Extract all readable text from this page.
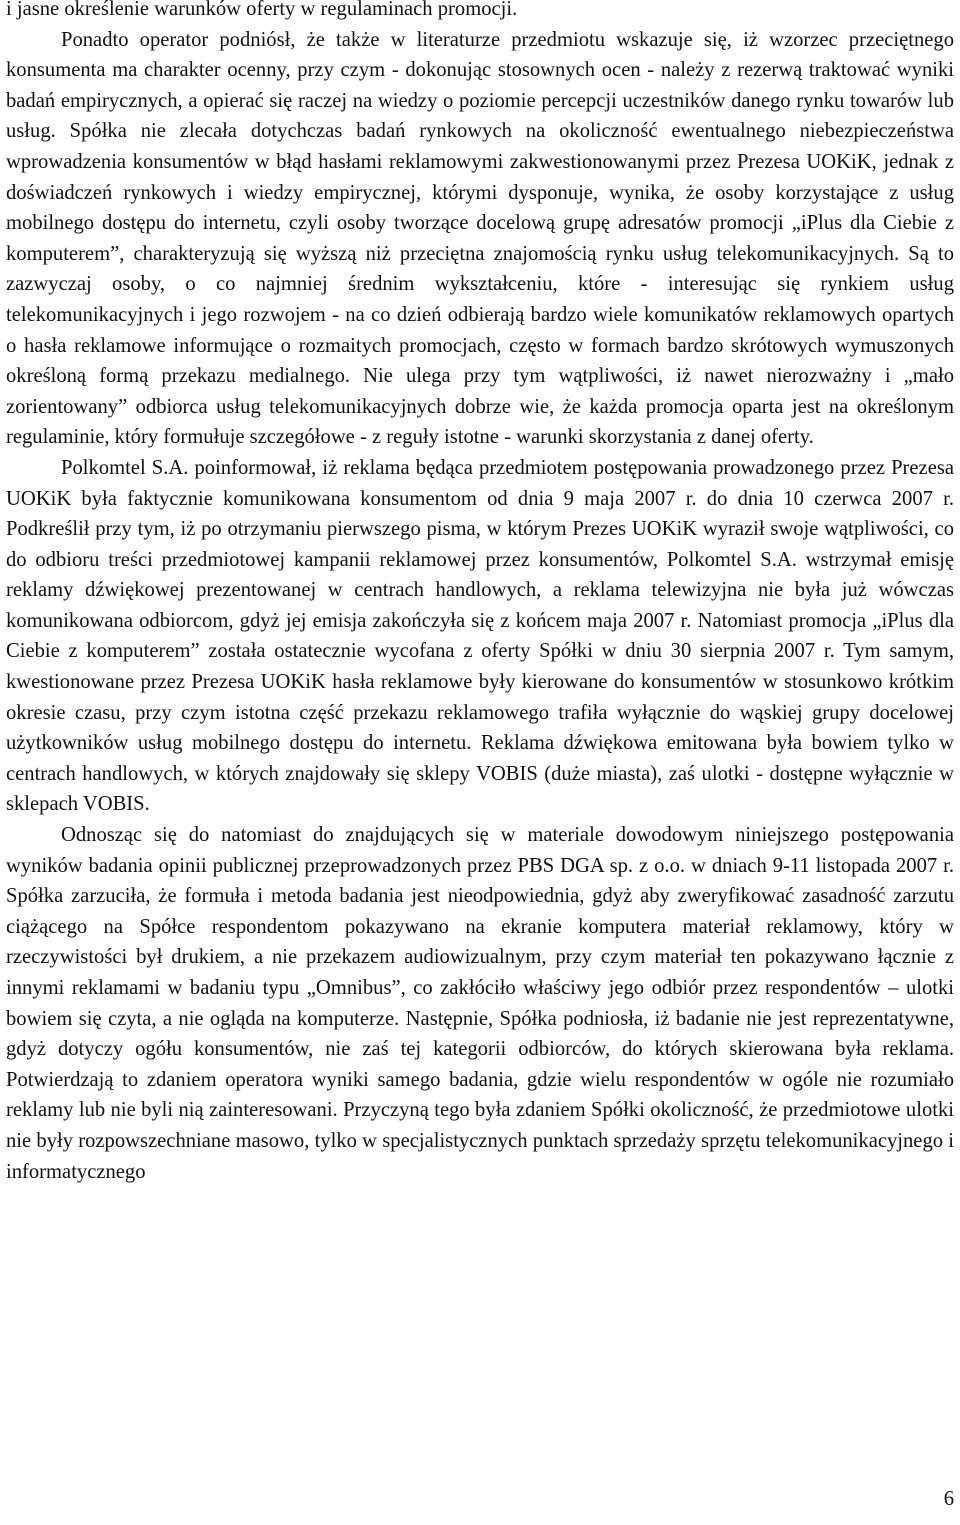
i jasne określenie warunków oferty w regulaminach promocji.

Ponadto operator podniósł, że także w literaturze przedmiotu wskazuje się, iż wzorzec przeciętnego konsumenta ma charakter ocenny, przy czym - dokonując stosownych ocen - należy z rezerwą traktować wyniki badań empirycznych, a opierać się raczej na wiedzy o poziomie percepcji uczestników danego rynku towarów lub usług. Spółka nie zlecała dotychczas badań rynkowych na okoliczność ewentualnego niebezpieczeństwa wprowadzenia konsumentów w błąd hasłami reklamowymi zakwestionowanymi przez Prezesa UOKiK, jednak z doświadczeń rynkowych i wiedzy empirycznej, którymi dysponuje, wynika, że osoby korzystające z usług mobilnego dostępu do internetu, czyli osoby tworzące docelową grupę adresatów promocji „iPlus dla Ciebie z komputerem”, charakteryzują się wyższą niż przeciętna znajomością rynku usług telekomunikacyjnych. Są to zazwyczaj osoby, o co najmniej średnim wykształceniu, które - interesując się rynkiem usług telekomunikacyjnych i jego rozwojem - na co dzień odbierają bardzo wiele komunikatów reklamowych opartych o hasła reklamowe informujące o rozmaitych promocjach, często w formach bardzo skrótowych wymuszonych określoną formą przekazu medialnego. Nie ulega przy tym wątpliwości, iż nawet nierozważny i „mało zorientowany” odbiorca usług telekomunikacyjnych dobrze wie, że każda promocja oparta jest na określonym regulaminie, który formułuje szczegółowe - z reguły istotne - warunki skorzystania z danej oferty.

Polkomtel S.A. poinformował, iż reklama będąca przedmiotem postępowania prowadzonego przez Prezesa UOKiK była faktycznie komunikowana konsumentom od dnia 9 maja 2007 r. do dnia 10 czerwca 2007 r. Podkreślił przy tym, iż po otrzymaniu pierwszego pisma, w którym Prezes UOKiK wyraził swoje wątpliwości, co do odbioru treści przedmiotowej kampanii reklamowej przez konsumentów, Polkomtel S.A. wstrzymał emisję reklamy dźwiękowej prezentowanej w centrach handlowych, a reklama telewizyjna nie była już wówczas komunikowana odbiorcom, gdyż jej emisja zakończyła się z końcem maja 2007 r. Natomiast promocja „iPlus dla Ciebie z komputerem” została ostatecznie wycofana z oferty Spółki w dniu 30 sierpnia 2007 r. Tym samym, kwestionowane przez Prezesa UOKiK hasła reklamowe były kierowane do konsumentów w stosunkowo krótkim okresie czasu, przy czym istotna część przekazu reklamowego trafiła wyłącznie do wąskiej grupy docelowej użytkowników usług mobilnego dostępu do internetu. Reklama dźwiękowa emitowana była bowiem tylko w centrach handlowych, w których znajdowały się sklepy VOBIS (duże miasta), zaś ulotki - dostępne wyłącznie w sklepach VOBIS.

Odnosząc się do natomiast do znajdujących się w materiale dowodowym niniejszego postępowania wyników badania opinii publicznej przeprowadzonych przez PBS DGA sp. z o.o. w dniach 9-11 listopada 2007 r. Spółka zarzuciła, że formuła i metoda badania jest nieodpowiednia, gdyż aby zweryfikować zasadność zarzutu ciążącego na Spółce respondentom pokazywano na ekranie komputera materiał reklamowy, który w rzeczywistości był drukiem, a nie przekazem audiowizualnym, przy czym materiał ten pokazywano łącznie z innymi reklamami w badaniu typu „Omnibus”, co zakłóciło właściwy jego odbiór przez respondentów – ulotki bowiem się czyta, a nie ogląda na komputerze. Następnie, Spółka podniosła, iż badanie nie jest reprezentatywne, gdyż dotyczy ogółu konsumentów, nie zaś tej kategorii odbiorców, do których skierowana była reklama. Potwierdzają to zdaniem operatora wyniki samego badania, gdzie wielu respondentów w ogóle nie rozumiało reklamy lub nie byli nią zainteresowani. Przyczyną tego była zdaniem Spółki okoliczność, że przedmiotowe ulotki nie były rozpowszechniane masowo, tylko w specjalistycznych punktach sprzedaży sprzętu telekomunikacyjnego i informatycznego

6
